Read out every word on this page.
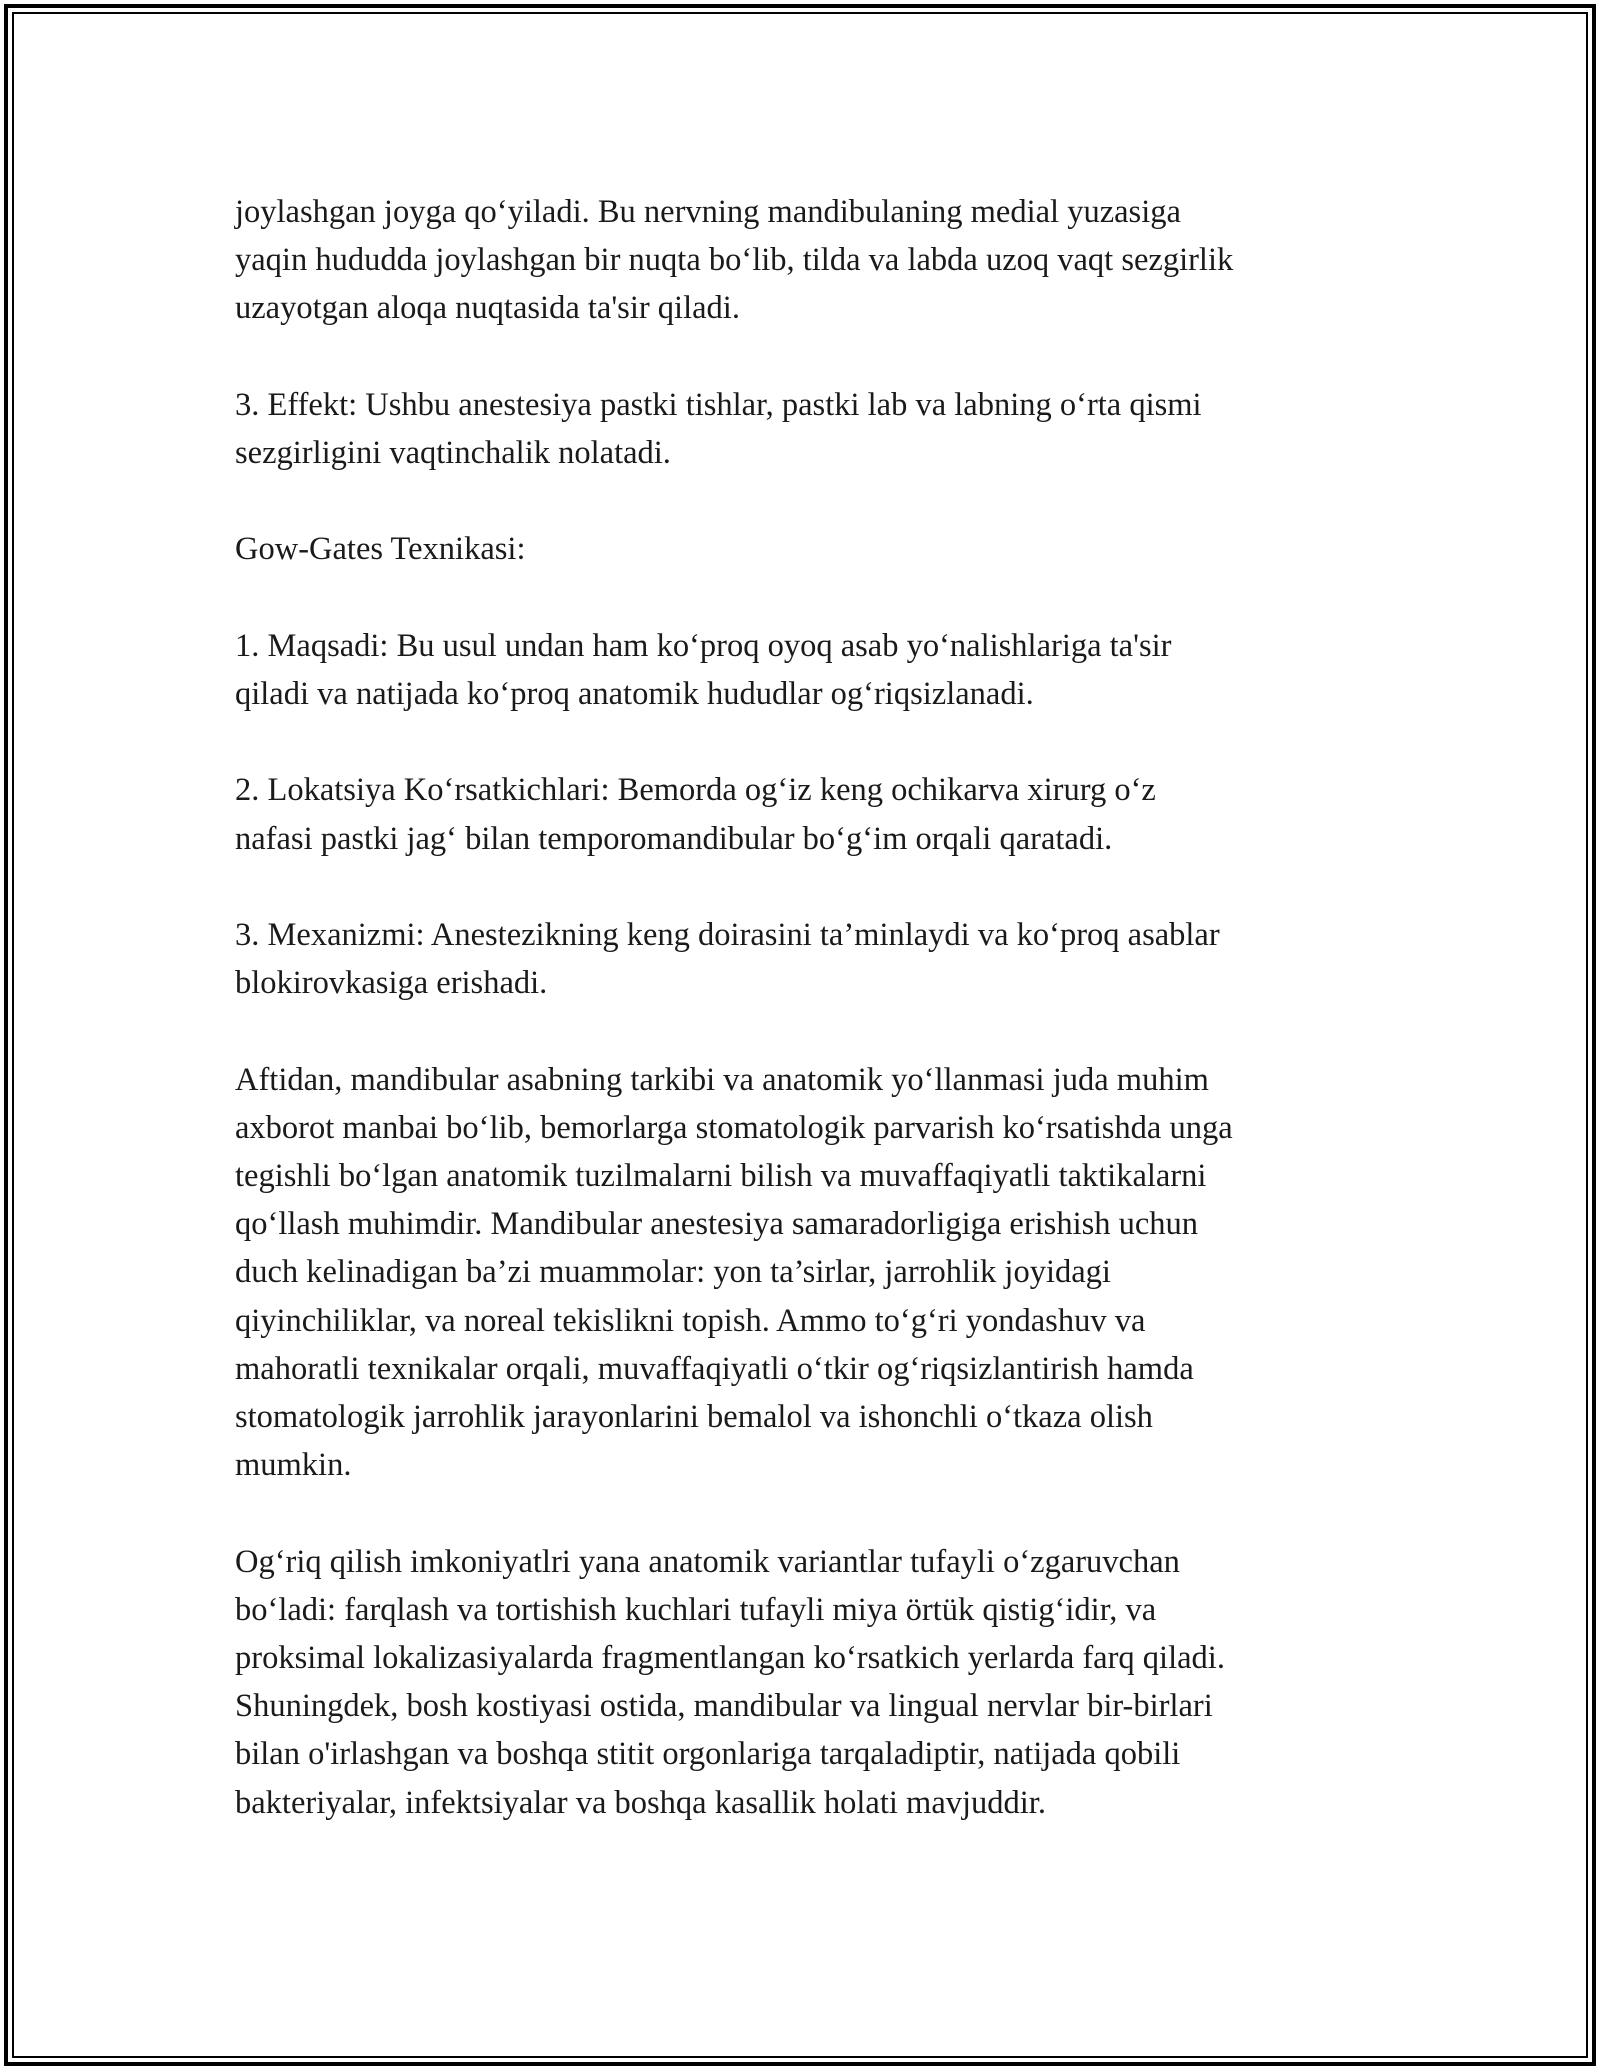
joylashgan joyga qo‘yiladi. Bu nervning mandibulaning medial yuzasiga
yaqin hududda joylashgan bir nuqta bo‘lib, tilda va labda uzoq vaqt sezgirlik
uzayotgan aloqa nuqtasida ta'sir qiladi.
3. Effekt: Ushbu anestesiya pastki tishlar, pastki lab va labning o‘rta qismi
sezgirligini vaqtinchalik nolatadi.
Gow-Gates Texnikasi:
1. Maqsadi: Bu usul undan ham ko‘proq oyoq asab yo‘nalishlariga ta'sir
qiladi va natijada ko‘proq anatomik hududlar og‘riqsizlanadi.
2. Lokatsiya Ko‘rsatkichlari: Bemorda og‘iz keng ochikarva xirurg o‘z
nafasi pastki jag‘ bilan temporomandibular bo‘g‘im orqali qaratadi.
3. Mexanizmi: Anestezikning keng doirasini ta’minlaydi va ko‘proq asablar
blokirovkasiga erishadi.
Aftidan, mandibular asabning tarkibi va anatomik yo‘llanmasi juda muhim
axborot manbai bo‘lib, bemorlarga stomatologik parvarish ko‘rsatishda unga
tegishli bo‘lgan anatomik tuzilmalarni bilish va muvaffaqiyatli taktikalarni
qo‘llash muhimdir. Mandibular anestesiya samaradorligiga erishish uchun
duch kelinadigan ba’zi muammolar: yon ta’sirlar, jarrohlik joyidagi
qiyinchiliklar, va noreal tekislikni topish. Ammo to‘g‘ri yondashuv va
mahoratli texnikalar orqali, muvaffaqiyatli o‘tkir og‘riqsizlantirish hamda
stomatologik jarrohlik jarayonlarini bemalol va ishonchli o‘tkaza olish
mumkin.
Og‘riq qilish imkoniyatlri yana anatomik variantlar tufayli o‘zgaruvchan
bo‘ladi: farqlash va tortishish kuchlari tufayli miya örtük qistig‘idir, va
proksimal lokalizasiyalarda fragmentlangan ko‘rsatkich yerlarda farq qiladi.
Shuningdek, bosh kostiyasi ostida, mandibular va lingual nervlar bir-birlari
bilan o'irlashgan va boshqa stitit orgonlariga tarqaladiptir, natijada qobili
bakteriyalar, infektsiyalar va boshqa kasallik holati mavjuddir.
